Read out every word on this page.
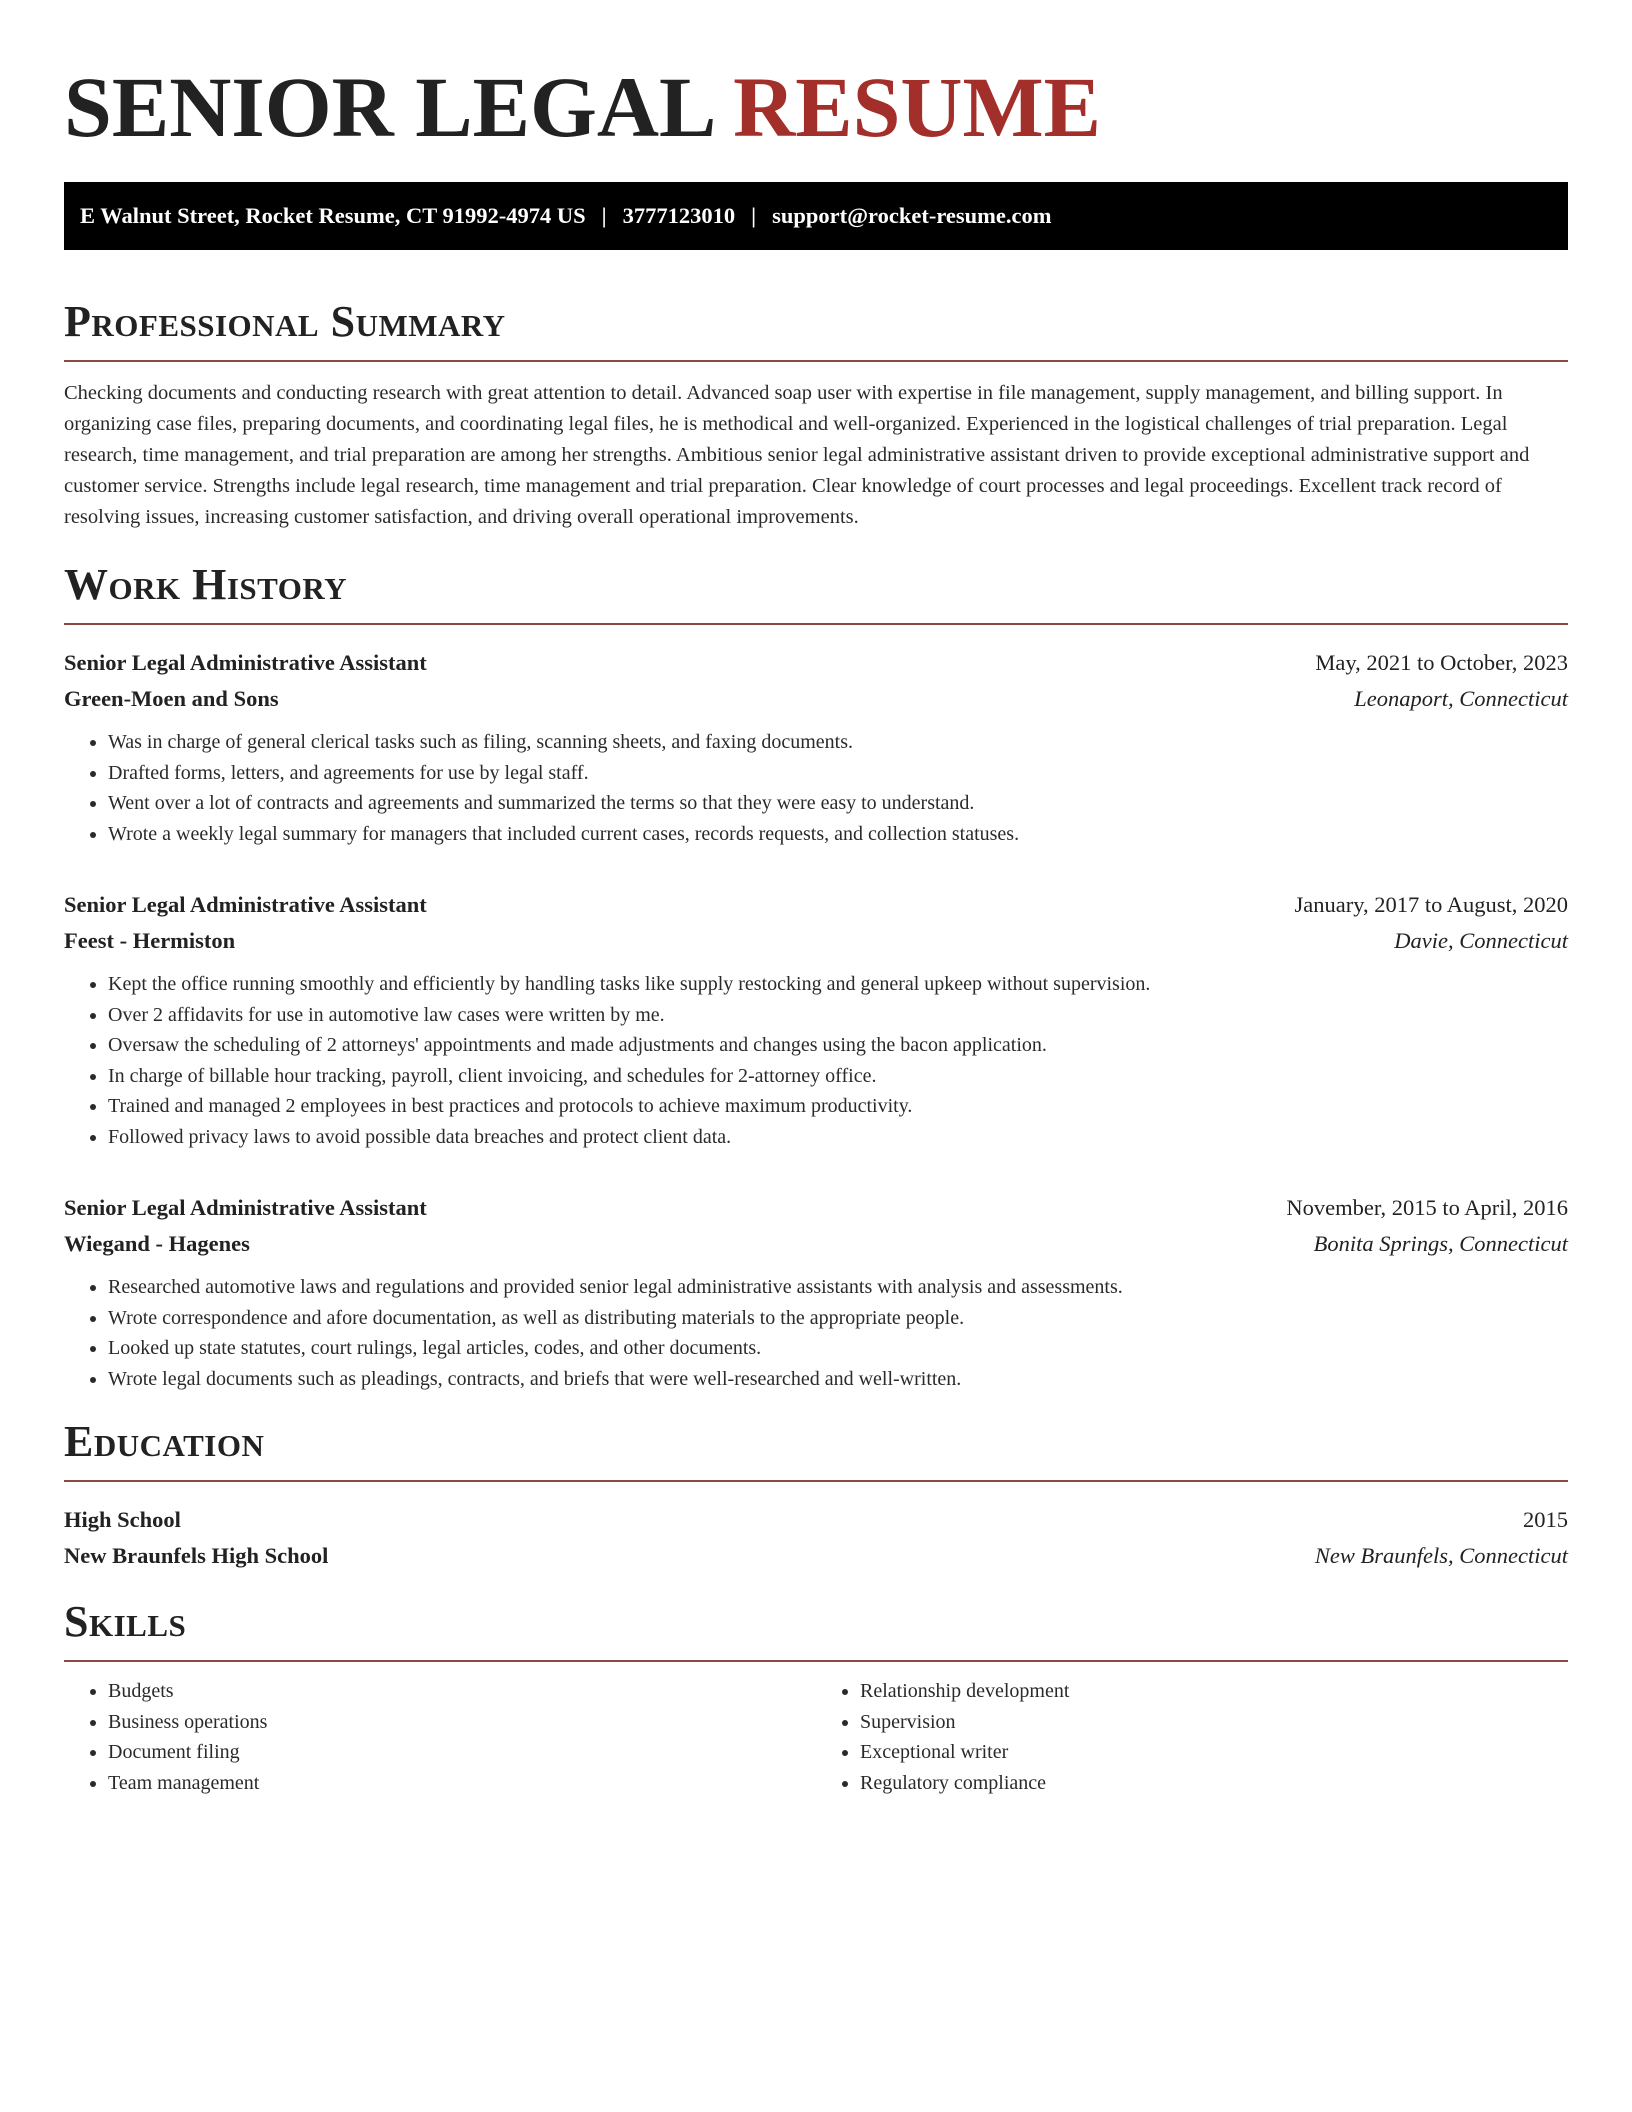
SENIOR LEGAL RESUME
E Walnut Street, Rocket Resume, CT 91992-4974 US | 3777123010 | support@rocket-resume.com
Professional Summary

Checking documents and conducting research with great attention to detail. Advanced soap user with expertise in file management, supply management, and billing support. In organizing case files, preparing documents, and coordinating legal files, he is methodical and well-organized. Experienced in the logistical challenges of trial preparation. Legal research, time management, and trial preparation are among her strengths. Ambitious senior legal administrative assistant driven to provide exceptional administrative support and customer service. Strengths include legal research, time management and trial preparation. Clear knowledge of court processes and legal proceedings. Excellent track record of resolving issues, increasing customer satisfaction, and driving overall operational improvements.

Work History
Senior Legal Administrative Assistant	May, 2021 to October, 2023
Green-Moen and Sons	Leonaport, Connecticut
• Was in charge of general clerical tasks such as filing, scanning sheets, and faxing documents.
• Drafted forms, letters, and agreements for use by legal staff.
• Went over a lot of contracts and agreements and summarized the terms so that they were easy to understand.
• Wrote a weekly legal summary for managers that included current cases, records requests, and collection statuses.
Senior Legal Administrative Assistant	January, 2017 to August, 2020
Feest - Hermiston	Davie, Connecticut
• Kept the office running smoothly and efficiently by handling tasks like supply restocking and general upkeep without supervision.
• Over 2 affidavits for use in automotive law cases were written by me.
• Oversaw the scheduling of 2 attorneys' appointments and made adjustments and changes using the bacon application.
• In charge of billable hour tracking, payroll, client invoicing, and schedules for 2-attorney office.
• Trained and managed 2 employees in best practices and protocols to achieve maximum productivity.
• Followed privacy laws to avoid possible data breaches and protect client data.
Senior Legal Administrative Assistant	November, 2015 to April, 2016
Wiegand - Hagenes	Bonita Springs, Connecticut
• Researched automotive laws and regulations and provided senior legal administrative assistants with analysis and assessments.
• Wrote correspondence and afore documentation, as well as distributing materials to the appropriate people.
• Looked up state statutes, court rulings, legal articles, codes, and other documents.
• Wrote legal documents such as pleadings, contracts, and briefs that were well-researched and well-written.
Education
High School	2015
New Braunfels High School	New Braunfels, Connecticut
Skills
• Budgets
• Business operations
• Document filing
• Team management
• Relationship development
• Supervision
• Exceptional writer
• Regulatory compliance
